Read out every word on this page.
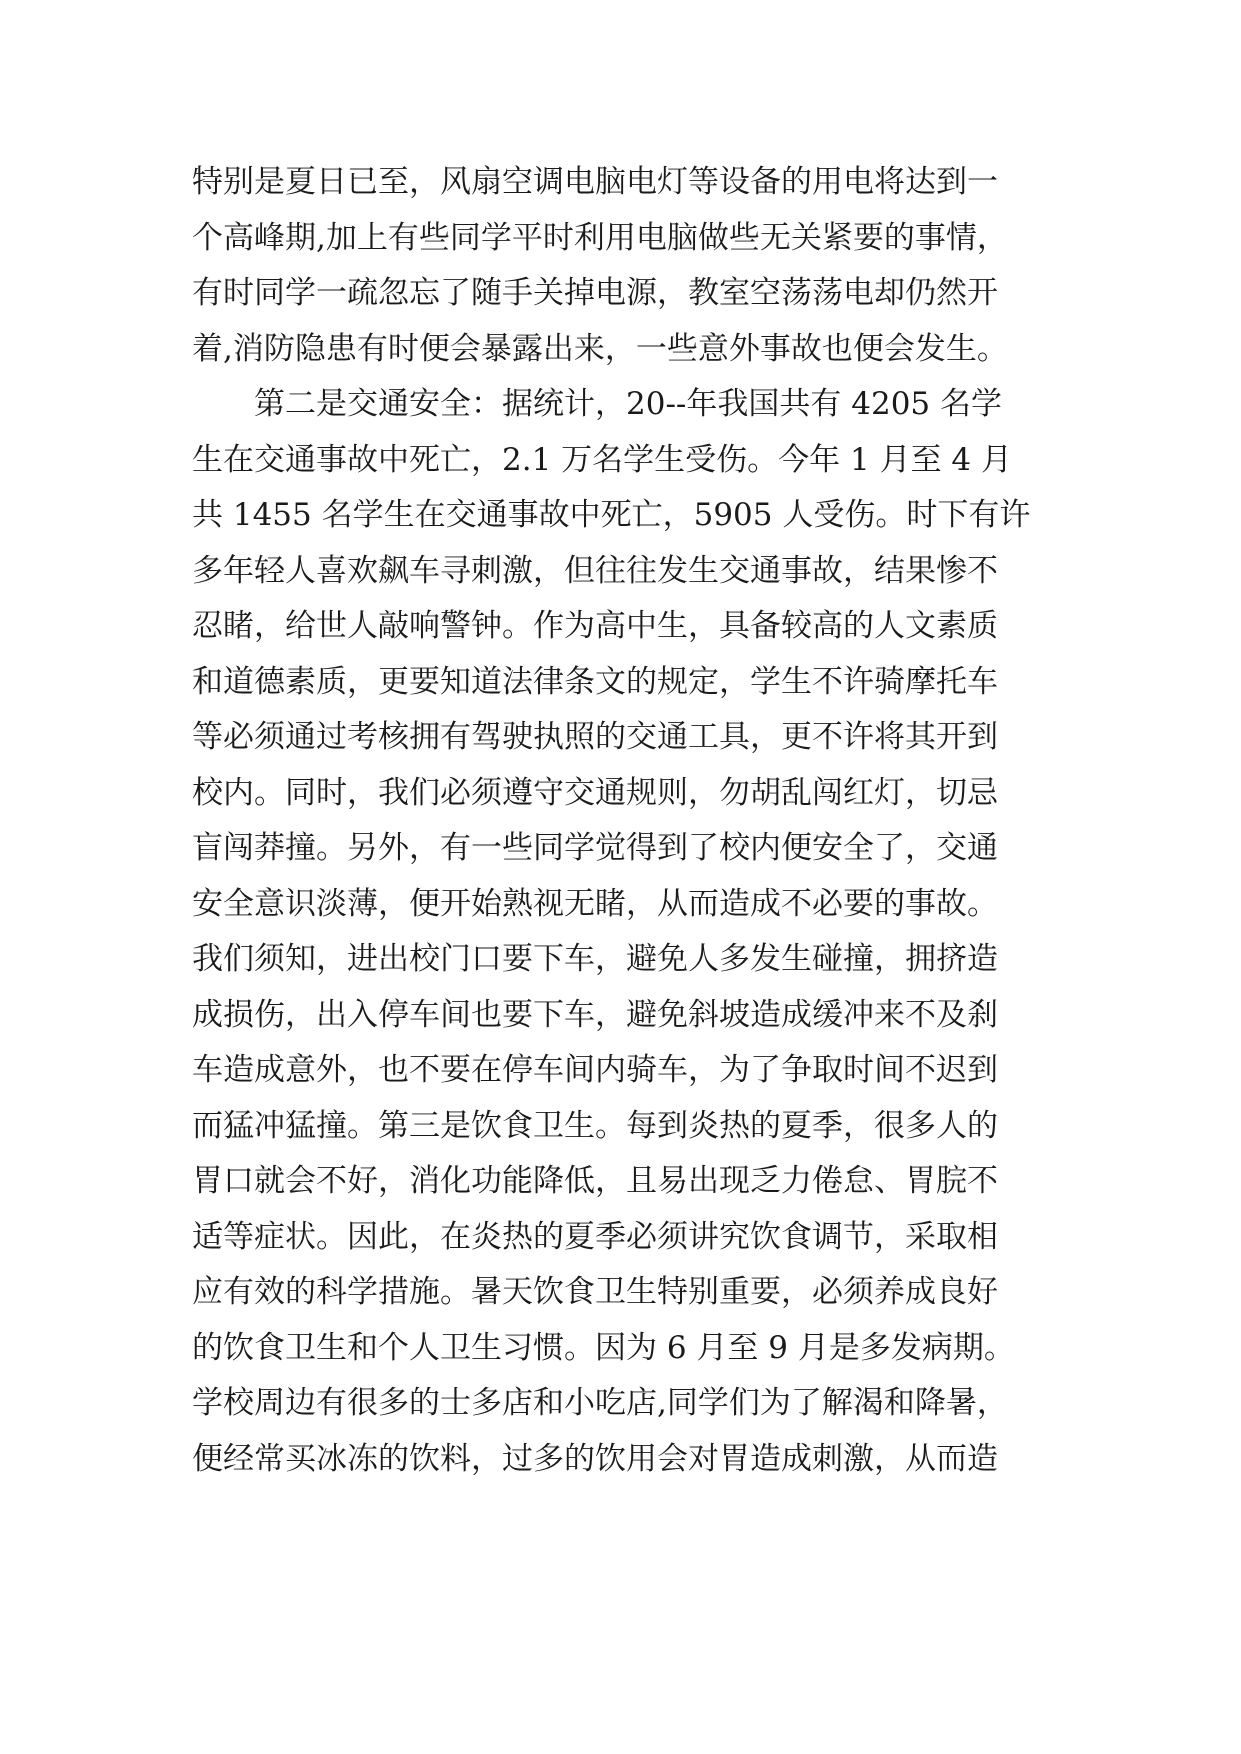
特别是夏日已至，风扇空调电脑电灯等设备的用电将达到一
个高峰期,加上有些同学平时利用电脑做些无关紧要的事情，
有时同学一疏忽忘了随手关掉电源，教室空荡荡电却仍然开
着,消防隐患有时便会暴露出来，一些意外事故也便会发生。
第二是交通安全：据统计，20--年我国共有 4205 名学
生在交通事故中死亡，2.1 万名学生受伤。今年 1 月至 4 月
共 1455 名学生在交通事故中死亡，5905 人受伤。时下有许
多年轻人喜欢飙车寻刺激，但往往发生交通事故，结果惨不
忍睹，给世人敲响警钟。作为高中生，具备较高的人文素质
和道德素质，更要知道法律条文的规定，学生不许骑摩托车
等必须通过考核拥有驾驶执照的交通工具，更不许将其开到
校内。同时，我们必须遵守交通规则，勿胡乱闯红灯，切忌
盲闯莽撞。另外，有一些同学觉得到了校内便安全了，交通
安全意识淡薄，便开始熟视无睹，从而造成不必要的事故。
我们须知，进出校门口要下车，避免人多发生碰撞，拥挤造
成损伤，出入停车间也要下车，避免斜坡造成缓冲来不及刹
车造成意外，也不要在停车间内骑车，为了争取时间不迟到
而猛冲猛撞。第三是饮食卫生。每到炎热的夏季，很多人的
胃口就会不好，消化功能降低，且易出现乏力倦怠、胃脘不
适等症状。因此，在炎热的夏季必须讲究饮食调节，采取相
应有效的科学措施。暑天饮食卫生特别重要，必须养成良好
的饮食卫生和个人卫生习惯。因为 6 月至 9 月是多发病期。
学校周边有很多的士多店和小吃店,同学们为了解渴和降暑，
便经常买冰冻的饮料，过多的饮用会对胃造成刺激，从而造
